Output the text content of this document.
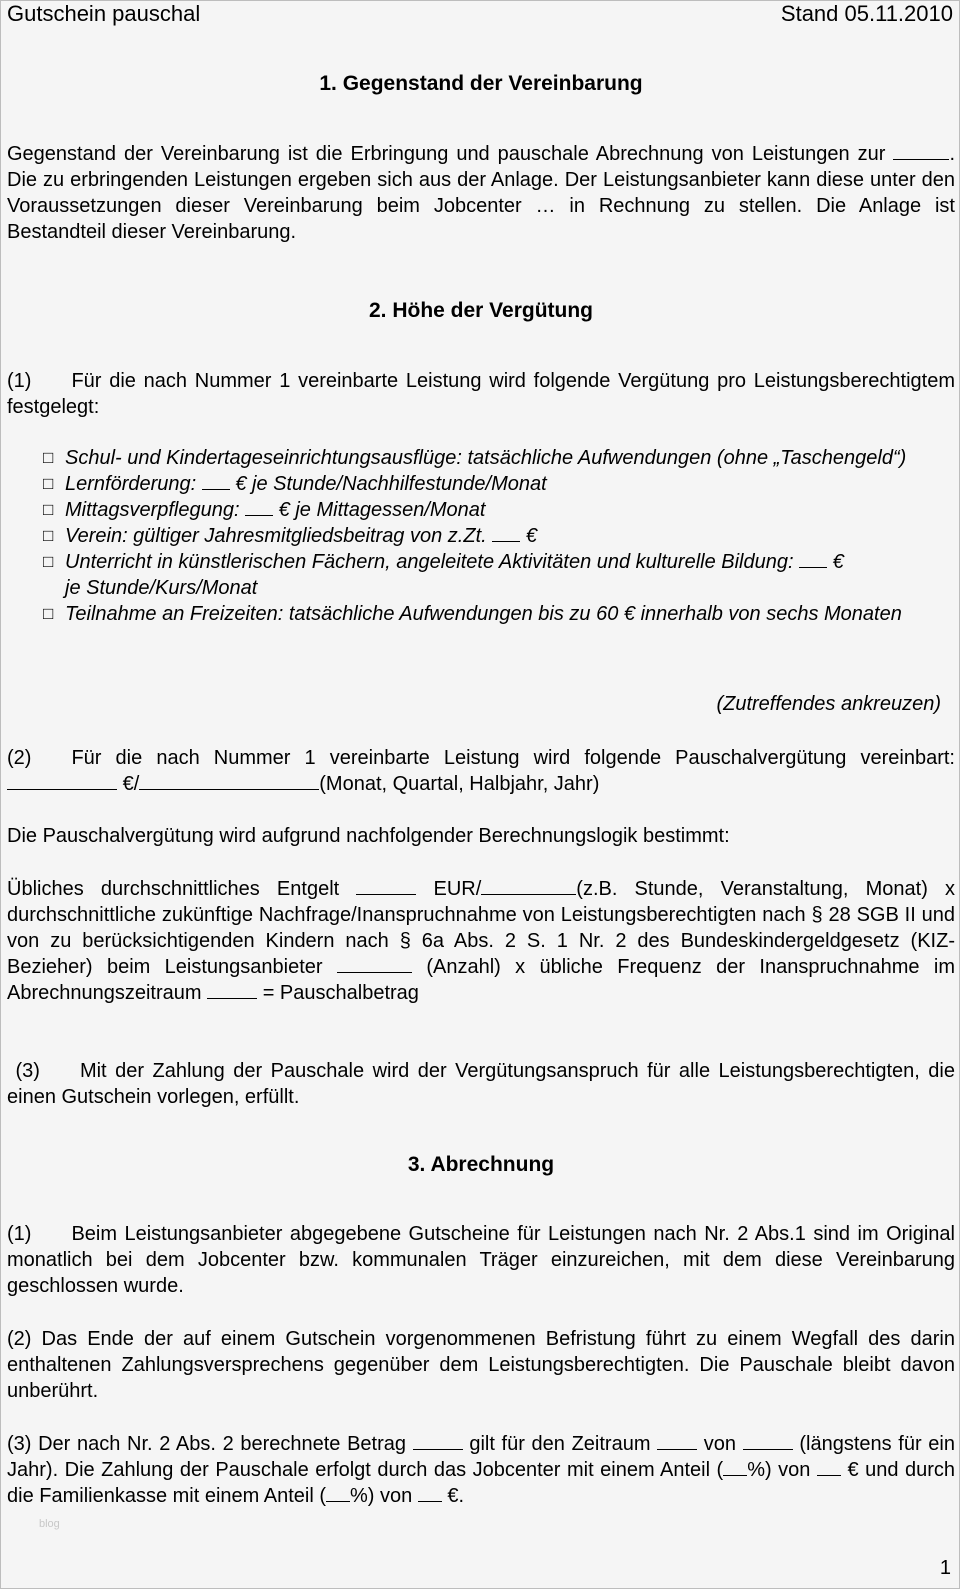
Gutschein pauschal	Stand 05.11.2010
1. Gegenstand der Vereinbarung

Gegenstand der Vereinbarung ist die Erbringung und pauschale Abrechnung von Leistungen zur	. Die zu erbringenden Leistungen ergeben sich aus der Anlage. Der Leistungsanbieter kann diese unter den Voraussetzungen dieser Vereinbarung beim Jobcenter … in Rechnung zu stellen. Die Anlage ist Bestandteil dieser Vereinbarung.

2. Höhe der Vergütung

(1) Für die nach Nummer 1 vereinbarte Leistung wird folgende Vergütung pro Leistungsberechtigtem festgelegt:

□ Schul- und Kindertageseinrichtungsausflüge: tatsächliche Aufwendungen (ohne „Taschengeld“)
□ Lernförderung: € je Stunde/Nachhilfestunde/Monat
□ Mittagsverpflegung: € je Mittagessen/Monat
□ Verein: gültiger Jahresmitgliedsbeitrag von z.Zt. €
□ Unterricht in künstlerischen Fächern, angeleitete Aktivitäten und kulturelle Bildung: €
je Stunde/Kurs/Monat
□ Teilnahme an Freizeiten: tatsächliche Aufwendungen bis zu 60 € innerhalb von sechs Monaten
(Zutreffendes ankreuzen)

(2) Für die nach Nummer 1 vereinbarte Leistung wird folgende Pauschalvergütung vereinbart:  €/	(Monat, Quartal, Halbjahr, Jahr)

Die Pauschalvergütung wird aufgrund nachfolgender Berechnungslogik bestimmt:

Übliches durchschnittliches Entgelt	EUR/	(z.B. Stunde, Veranstaltung, Monat) x durchschnittliche zukünftige Nachfrage/Inanspruchnahme von Leistungsberechtigten nach § 28 SGB II und von zu berücksichtigenden Kindern nach § 6a Abs. 2 S. 1 Nr. 2 des Bundeskindergeldgesetz (KIZ-Bezieher) beim Leistungsanbieter	(Anzahl) x übliche Frequenz der Inanspruchnahme im Abrechnungszeitraum	= Pauschalbetrag

(3) Mit der Zahlung der Pauschale wird der Vergütungsanspruch für alle Leistungsberechtigten, die einen Gutschein vorlegen, erfüllt.

3. Abrechnung

(1) Beim Leistungsanbieter abgegebene Gutscheine für Leistungen nach Nr. 2 Abs.1 sind im Original monatlich bei dem Jobcenter bzw. kommunalen Träger einzureichen, mit dem diese Vereinbarung geschlossen wurde.

(2) Das Ende der auf einem Gutschein vorgenommenen Befristung führt zu einem Wegfall des darin enthaltenen Zahlungsversprechens gegenüber dem Leistungsberechtigten. Die Pauschale bleibt davon unberührt.

(3) Der nach Nr. 2 Abs. 2 berechnete Betrag	gilt für den Zeitraum	von	(längstens für ein Jahr). Die Zahlung der Pauschale erfolgt durch das Jobcenter mit einem Anteil ( %) von € und durch die Familienkasse mit einem Anteil ( %) von €.

blog
1
